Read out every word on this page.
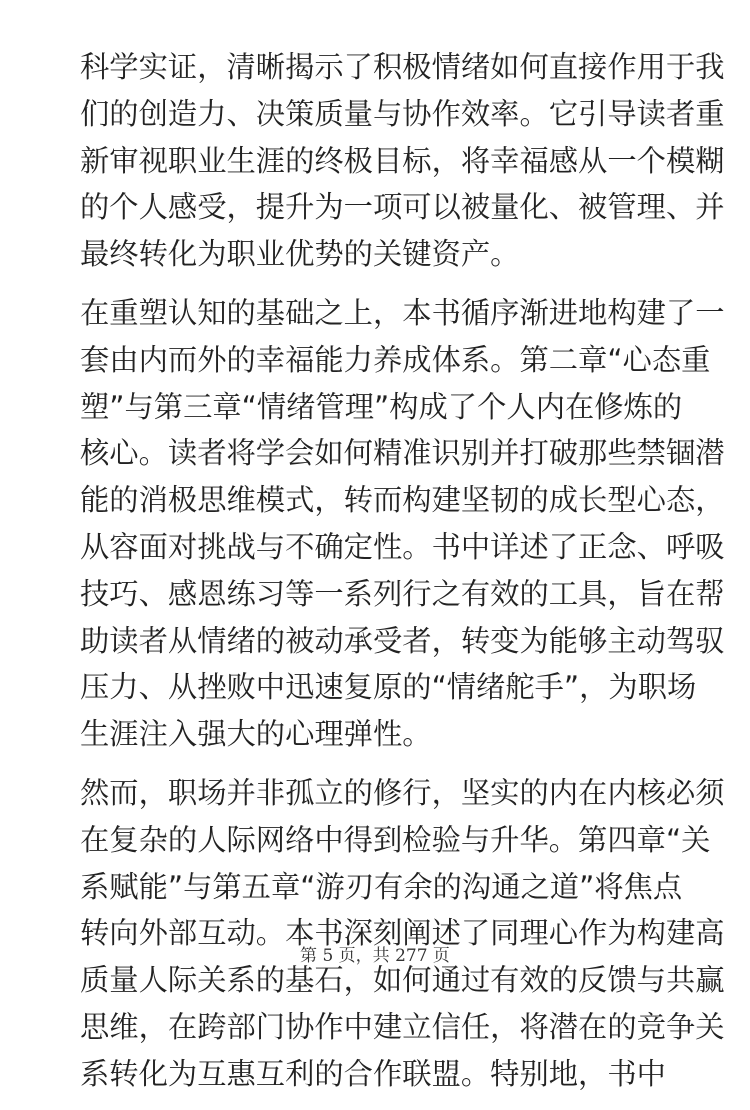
科学实证，清晰揭示了积极情绪如何直接作用于我
们的创造力、决策质量与协作效率。它引导读者重
新审视职业生涯的终极目标，将幸福感从一个模糊
的个人感受，提升为一项可以被量化、被管理、并
最终转化为职业优势的关键资产。

在重塑认知的基础之上，本书循序渐进地构建了一
套由内而外的幸福能力养成体系。第二章“心态重
塑”与第三章“情绪管理”构成了个人内在修炼的
核心。读者将学会如何精准识别并打破那些禁锢潜
能的消极思维模式，转而构建坚韧的成长型心态，
从容面对挑战与不确定性。书中详述了正念、呼吸
技巧、感恩练习等一系列行之有效的工具，旨在帮
助读者从情绪的被动承受者，转变为能够主动驾驭
压力、从挫败中迅速复原的“情绪舵手”，为职场
生涯注入强大的心理弹性。

然而，职场并非孤立的修行，坚实的内在内核必须
在复杂的人际网络中得到检验与升华。第四章“关
系赋能”与第五章“游刃有余的沟通之道”将焦点
转向外部互动。本书深刻阐述了同理心作为构建高
质量人际关系的基石，如何通过有效的反馈与共赢
思维，在跨部门协作中建立信任，将潜在的竞争关
系转化为互惠互利的合作联盟。特别地，书中

第 5 页，共 277 页
